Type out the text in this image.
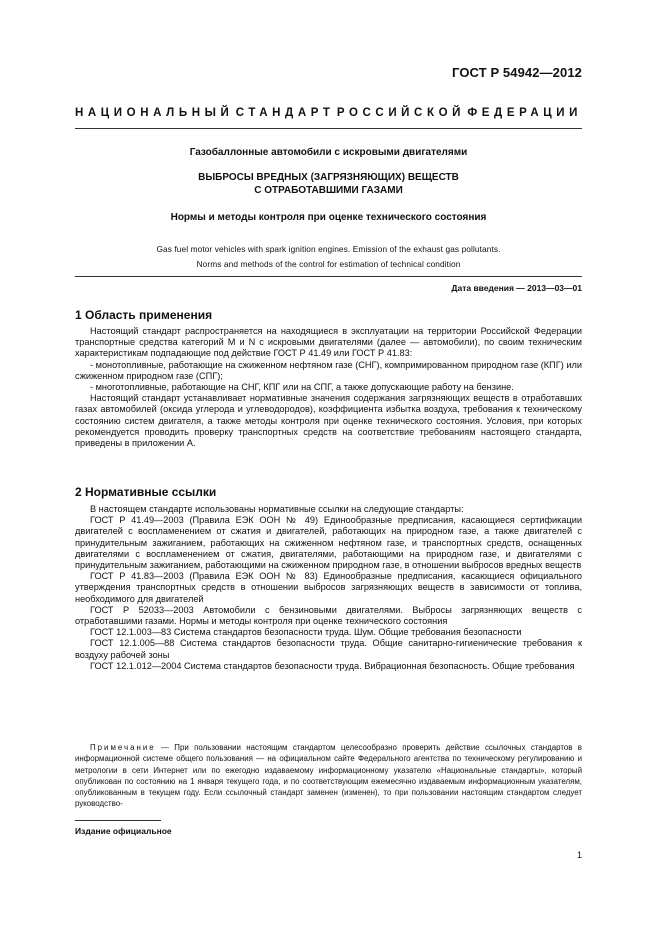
ГОСТ Р 54942—2012
НАЦИОНАЛЬНЫЙ СТАНДАРТ РОССИЙСКОЙ ФЕДЕРАЦИИ
Газобаллонные автомобили с искровыми двигателями
ВЫБРОСЫ ВРЕДНЫХ (ЗАГРЯЗНЯЮЩИХ) ВЕЩЕСТВ
С ОТРАБОТАВШИМИ ГАЗАМИ
Нормы и методы контроля при оценке технического состояния
Gas fuel motor vehicles with spark ignition engines. Emission of the exhaust gas pollutants.
Norms and methods of the control for estimation of technical condition
Дата введения — 2013—03—01
1 Область применения

Настоящий стандарт распространяется на находящиеся в эксплуатации на территории Российской Федерации транспортные средства категорий М и N с искровыми двигателями (далее — автомобили), по своим техническим характеристикам подпадающие под действие ГОСТ Р 41.49 или ГОСТ Р 41.83:

- монотопливные, работающие на сжиженном нефтяном газе (СНГ), компримированном природном газе (КПГ) или сжиженном природном газе (СПГ);

- многотопливные, работающие на СНГ, КПГ или на СПГ, а также допускающие работу на бензине.

Настоящий стандарт устанавливает нормативные значения содержания загрязняющих веществ в отработавших газах автомобилей (оксида углерода и углеводородов), коэффициента избытка воздуха, требования к техническому состоянию систем двигателя, а также методы контроля при оценке технического состояния. Условия, при которых рекомендуется проводить проверку транспортных средств на соответствие требованиям настоящего стандарта, приведены в приложении А.

2 Нормативные ссылки

В настоящем стандарте использованы нормативные ссылки на следующие стандарты:

ГОСТ Р 41.49—2003 (Правила ЕЭК ООН № 49) Единообразные предписания, касающиеся сертификации двигателей с воспламенением от сжатия и двигателей, работающих на природном газе, а также двигателей с принудительным зажиганием, работающих на сжиженном нефтяном газе, и транспортных средств, оснащенных двигателями с воспламенением от сжатия, двигателями, работающими на природном газе, и двигателями с принудительным зажиганием, работающими на сжиженном природном газе, в отношении выбросов вредных веществ

ГОСТ Р 41.83—2003 (Правила ЕЭК ООН № 83) Единообразные предписания, касающиеся официального утверждения транспортных средств в отношении выбросов загрязняющих веществ в зависимости от топлива, необходимого для двигателей

ГОСТ Р 52033—2003 Автомобили с бензиновыми двигателями. Выбросы загрязняющих веществ с отработавшими газами. Нормы и методы контроля при оценке технического состояния

ГОСТ 12.1.003—83 Система стандартов безопасности труда. Шум. Общие требования безопасности

ГОСТ 12.1.005—88 Система стандартов безопасности труда. Общие санитарно-гигиенические требования к воздуху рабочей зоны

ГОСТ 12.1.012—2004 Система стандартов безопасности труда. Вибрационная безопасность. Общие требования

Примечание — При пользовании настоящим стандартом целесообразно проверить действие ссылочных стандартов в информационной системе общего пользования — на официальном сайте Федерального агентства по техническому регулированию и метрологии в сети Интернет или по ежегодно издаваемому информационному указателю «Национальные стандарты», который опубликован по состоянию на 1 января текущего года, и по соответствующим ежемесячно издаваемым информационным указателям, опубликованным в текущем году. Если ссылочный стандарт заменен (изменен), то при пользовании настоящим стандартом следует руководство-

Издание официальное
1
